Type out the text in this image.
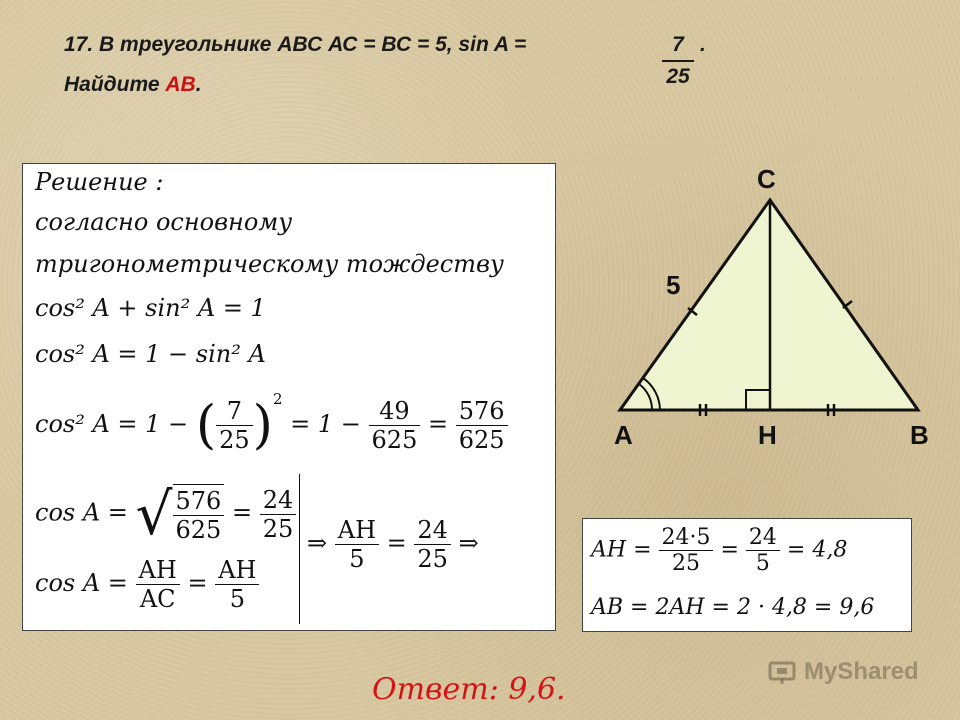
17. В треугольнике АВС АС = ВС = 5, sin A =	7
25
.
Найдите АВ.
Решение :
согласно основному
тригонометрическому тождеству
cos² A + sin² A = 1
cos² A = 1 − sin² A
cos² A = 1 − ( $\frac{7}{25} )^2 = 1 - \frac{49}{625} = \frac{576}{625}$
cos A = √ $\frac{576}{625} = \frac{24}{25}$
⇒ $\frac{AH}{5} = \frac{24}{25}$ ⇒
$\cos A = \frac{AH}{AC} = \frac{AH}{5}$
A	B
C
H
5
AH = $\frac{24\cdot 5}{25} = \frac{24}{5} = 4,8$
AB = 2AH = 2 · 4,8 = 9,6
Ответ: 9,6.
MyShared
